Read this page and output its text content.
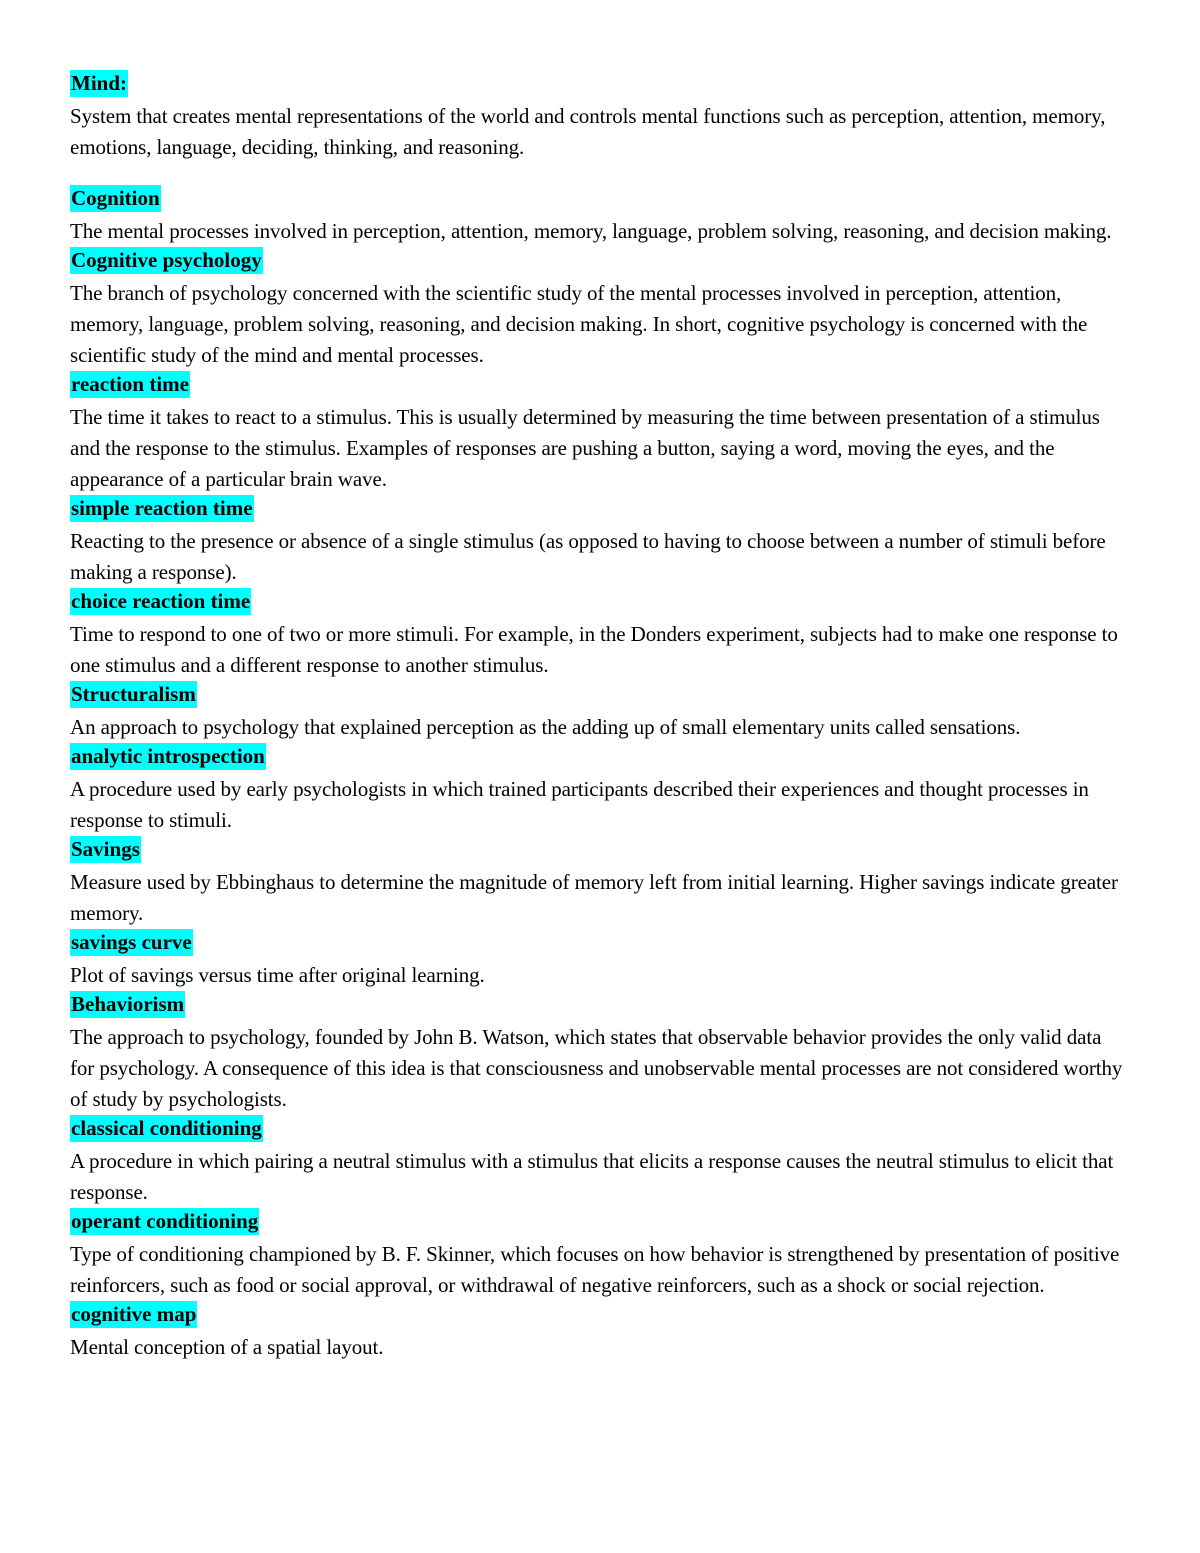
Mind:

System that creates mental representations of the world and controls mental functions such as perception, attention, memory, emotions, language, deciding, thinking, and reasoning.

Cognition

The mental processes involved in perception, attention, memory, language, problem solving, reasoning, and decision making.

Cognitive psychology

The branch of psychology concerned with the scientific study of the mental processes involved in perception, attention, memory, language, problem solving, reasoning, and decision making. In short, cognitive psychology is concerned with the scientific study of the mind and mental processes.

reaction time

The time it takes to react to a stimulus. This is usually determined by measuring the time between presentation of a stimulus and the response to the stimulus. Examples of responses are pushing a button, saying a word, moving the eyes, and the appearance of a particular brain wave.

simple reaction time

Reacting to the presence or absence of a single stimulus (as opposed to having to choose between a number of stimuli before making a response).

choice reaction time

Time to respond to one of two or more stimuli. For example, in the Donders experiment, subjects had to make one response to one stimulus and a different response to another stimulus.

Structuralism

An approach to psychology that explained perception as the adding up of small elementary units called sensations.

analytic introspection

A procedure used by early psychologists in which trained participants described their experiences and thought processes in response to stimuli.

Savings

Measure used by Ebbinghaus to determine the magnitude of memory left from initial learning. Higher savings indicate greater memory.

savings curve

Plot of savings versus time after original learning.

Behaviorism

The approach to psychology, founded by John B. Watson, which states that observable behavior provides the only valid data for psychology. A consequence of this idea is that consciousness and unobservable mental processes are not considered worthy of study by psychologists.

classical conditioning

A procedure in which pairing a neutral stimulus with a stimulus that elicits a response causes the neutral stimulus to elicit that response.

operant conditioning

Type of conditioning championed by B. F. Skinner, which focuses on how behavior is strengthened by presentation of positive reinforcers, such as food or social approval, or withdrawal of negative reinforcers, such as a shock or social rejection.

cognitive map

Mental conception of a spatial layout.
